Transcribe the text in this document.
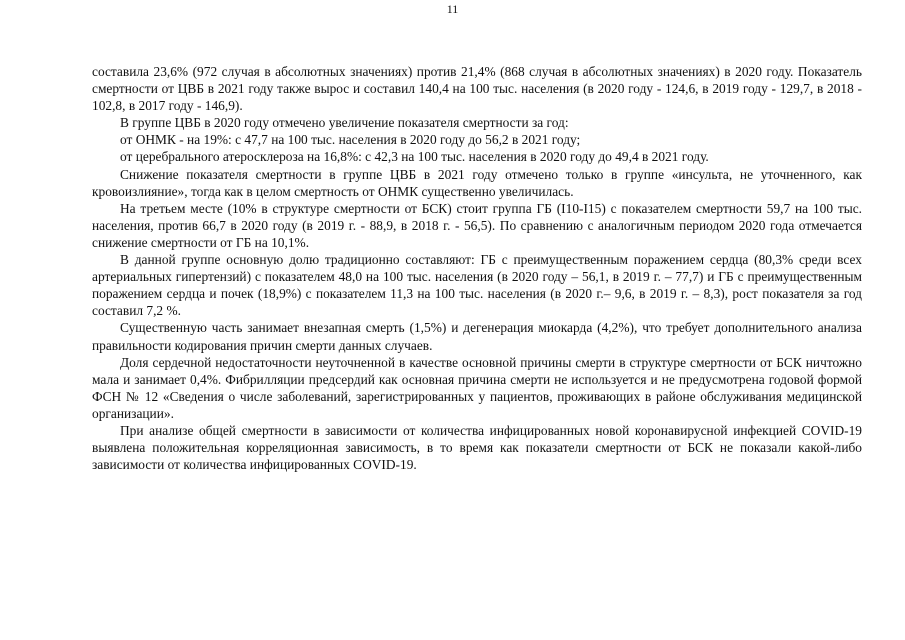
11

составила 23,6% (972 случая в абсолютных значениях) против 21,4% (868 случая в абсолютных значениях) в 2020 году. Показатель смертности от ЦВБ в 2021 году также вырос и составил 140,4 на 100 тыс. населения (в 2020 году - 124,6, в 2019 году - 129,7, в 2018 - 102,8, в 2017 году - 146,9).

В группе ЦВБ в 2020 году отмечено увеличение показателя смертности за год:

от ОНМК - на 19%: с 47,7 на 100 тыс. населения в 2020 году до 56,2 в 2021 году;

от церебрального атеросклероза на 16,8%: с 42,3 на 100 тыс. населения в 2020 году до 49,4 в 2021 году.

Снижение показателя смертности в группе ЦВБ в 2021 году отмечено только в группе «инсульта, не уточненного, как кровоизлияние», тогда как в целом смертность от ОНМК существенно увеличилась.

На третьем месте (10% в структуре смертности от БСК) стоит группа ГБ (I10-I15) с показателем смертности 59,7 на 100 тыс. населения, против 66,7 в 2020 году (в 2019 г. - 88,9, в 2018 г. - 56,5). По сравнению с аналогичным периодом 2020 года отмечается снижение смертности от ГБ на 10,1%.

В данной группе основную долю традиционно составляют: ГБ с преимущественным поражением сердца (80,3% среди всех артериальных гипертензий) с показателем 48,0 на 100 тыс. населения (в 2020 году – 56,1, в 2019 г. – 77,7) и ГБ с преимущественным поражением сердца и почек (18,9%) с показателем 11,3 на 100 тыс. населения (в 2020 г.– 9,6, в 2019 г. – 8,3), рост показателя за год составил 7,2 %.

Существенную часть занимает внезапная смерть (1,5%) и дегенерация миокарда (4,2%), что требует дополнительного анализа правильности кодирования причин смерти данных случаев.

Доля сердечной недостаточности неуточненной в качестве основной причины смерти в структуре смертности от БСК ничтожно мала и занимает 0,4%. Фибрилляции предсердий как основная причина смерти не используется и не предусмотрена годовой формой ФСН № 12 «Сведения о числе заболеваний, зарегистрированных у пациентов, проживающих в районе обслуживания медицинской организации».

При анализе общей смертности в зависимости от количества инфицированных новой коронавирусной инфекцией COVID-19 выявлена положительная корреляционная зависимость, в то время как показатели смертности от БСК не показали какой-либо зависимости от количества инфицированных COVID-19.
